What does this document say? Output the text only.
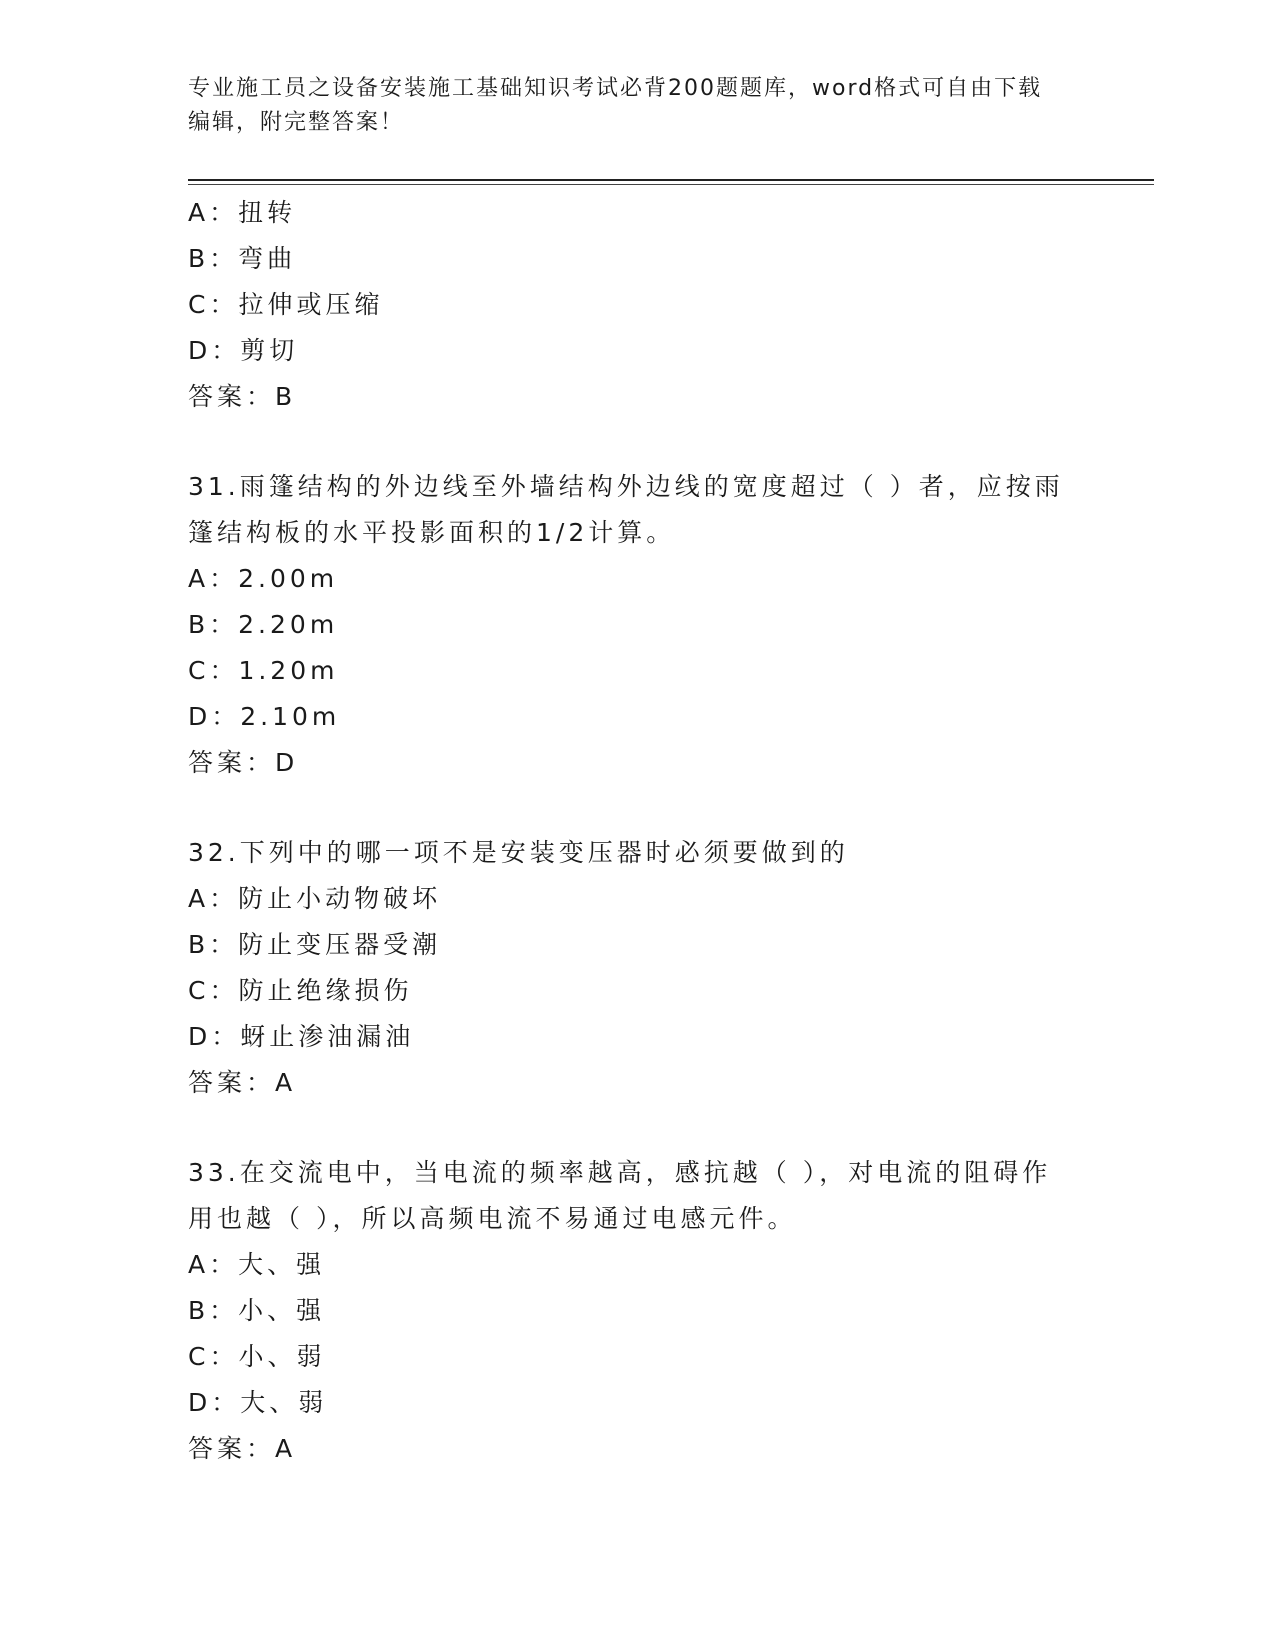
专业施工员之设备安装施工基础知识考试必背200题题库，word格式可自由下载
编辑，附完整答案！
A：扭转
B：弯曲
C：拉伸或压缩
D：剪切
答案：B
31.雨篷结构的外边线至外墙结构外边线的宽度超过（ ）者，应按雨
篷结构板的水平投影面积的1/2计算。
A：2.00m
B：2.20m
C：1.20m
D：2.10m
答案：D
32.下列中的哪一项不是安装变压器时必须要做到的
A：防止小动物破坏
B：防止变压器受潮
C：防止绝缘损伤
D：蚜止渗油漏油
答案：A
33.在交流电中，当电流的频率越高，感抗越（ ），对电流的阻碍作
用也越（ ），所以高频电流不易通过电感元件。
A：大、强
B：小、强
C：小、弱
D：大、弱
答案：A
